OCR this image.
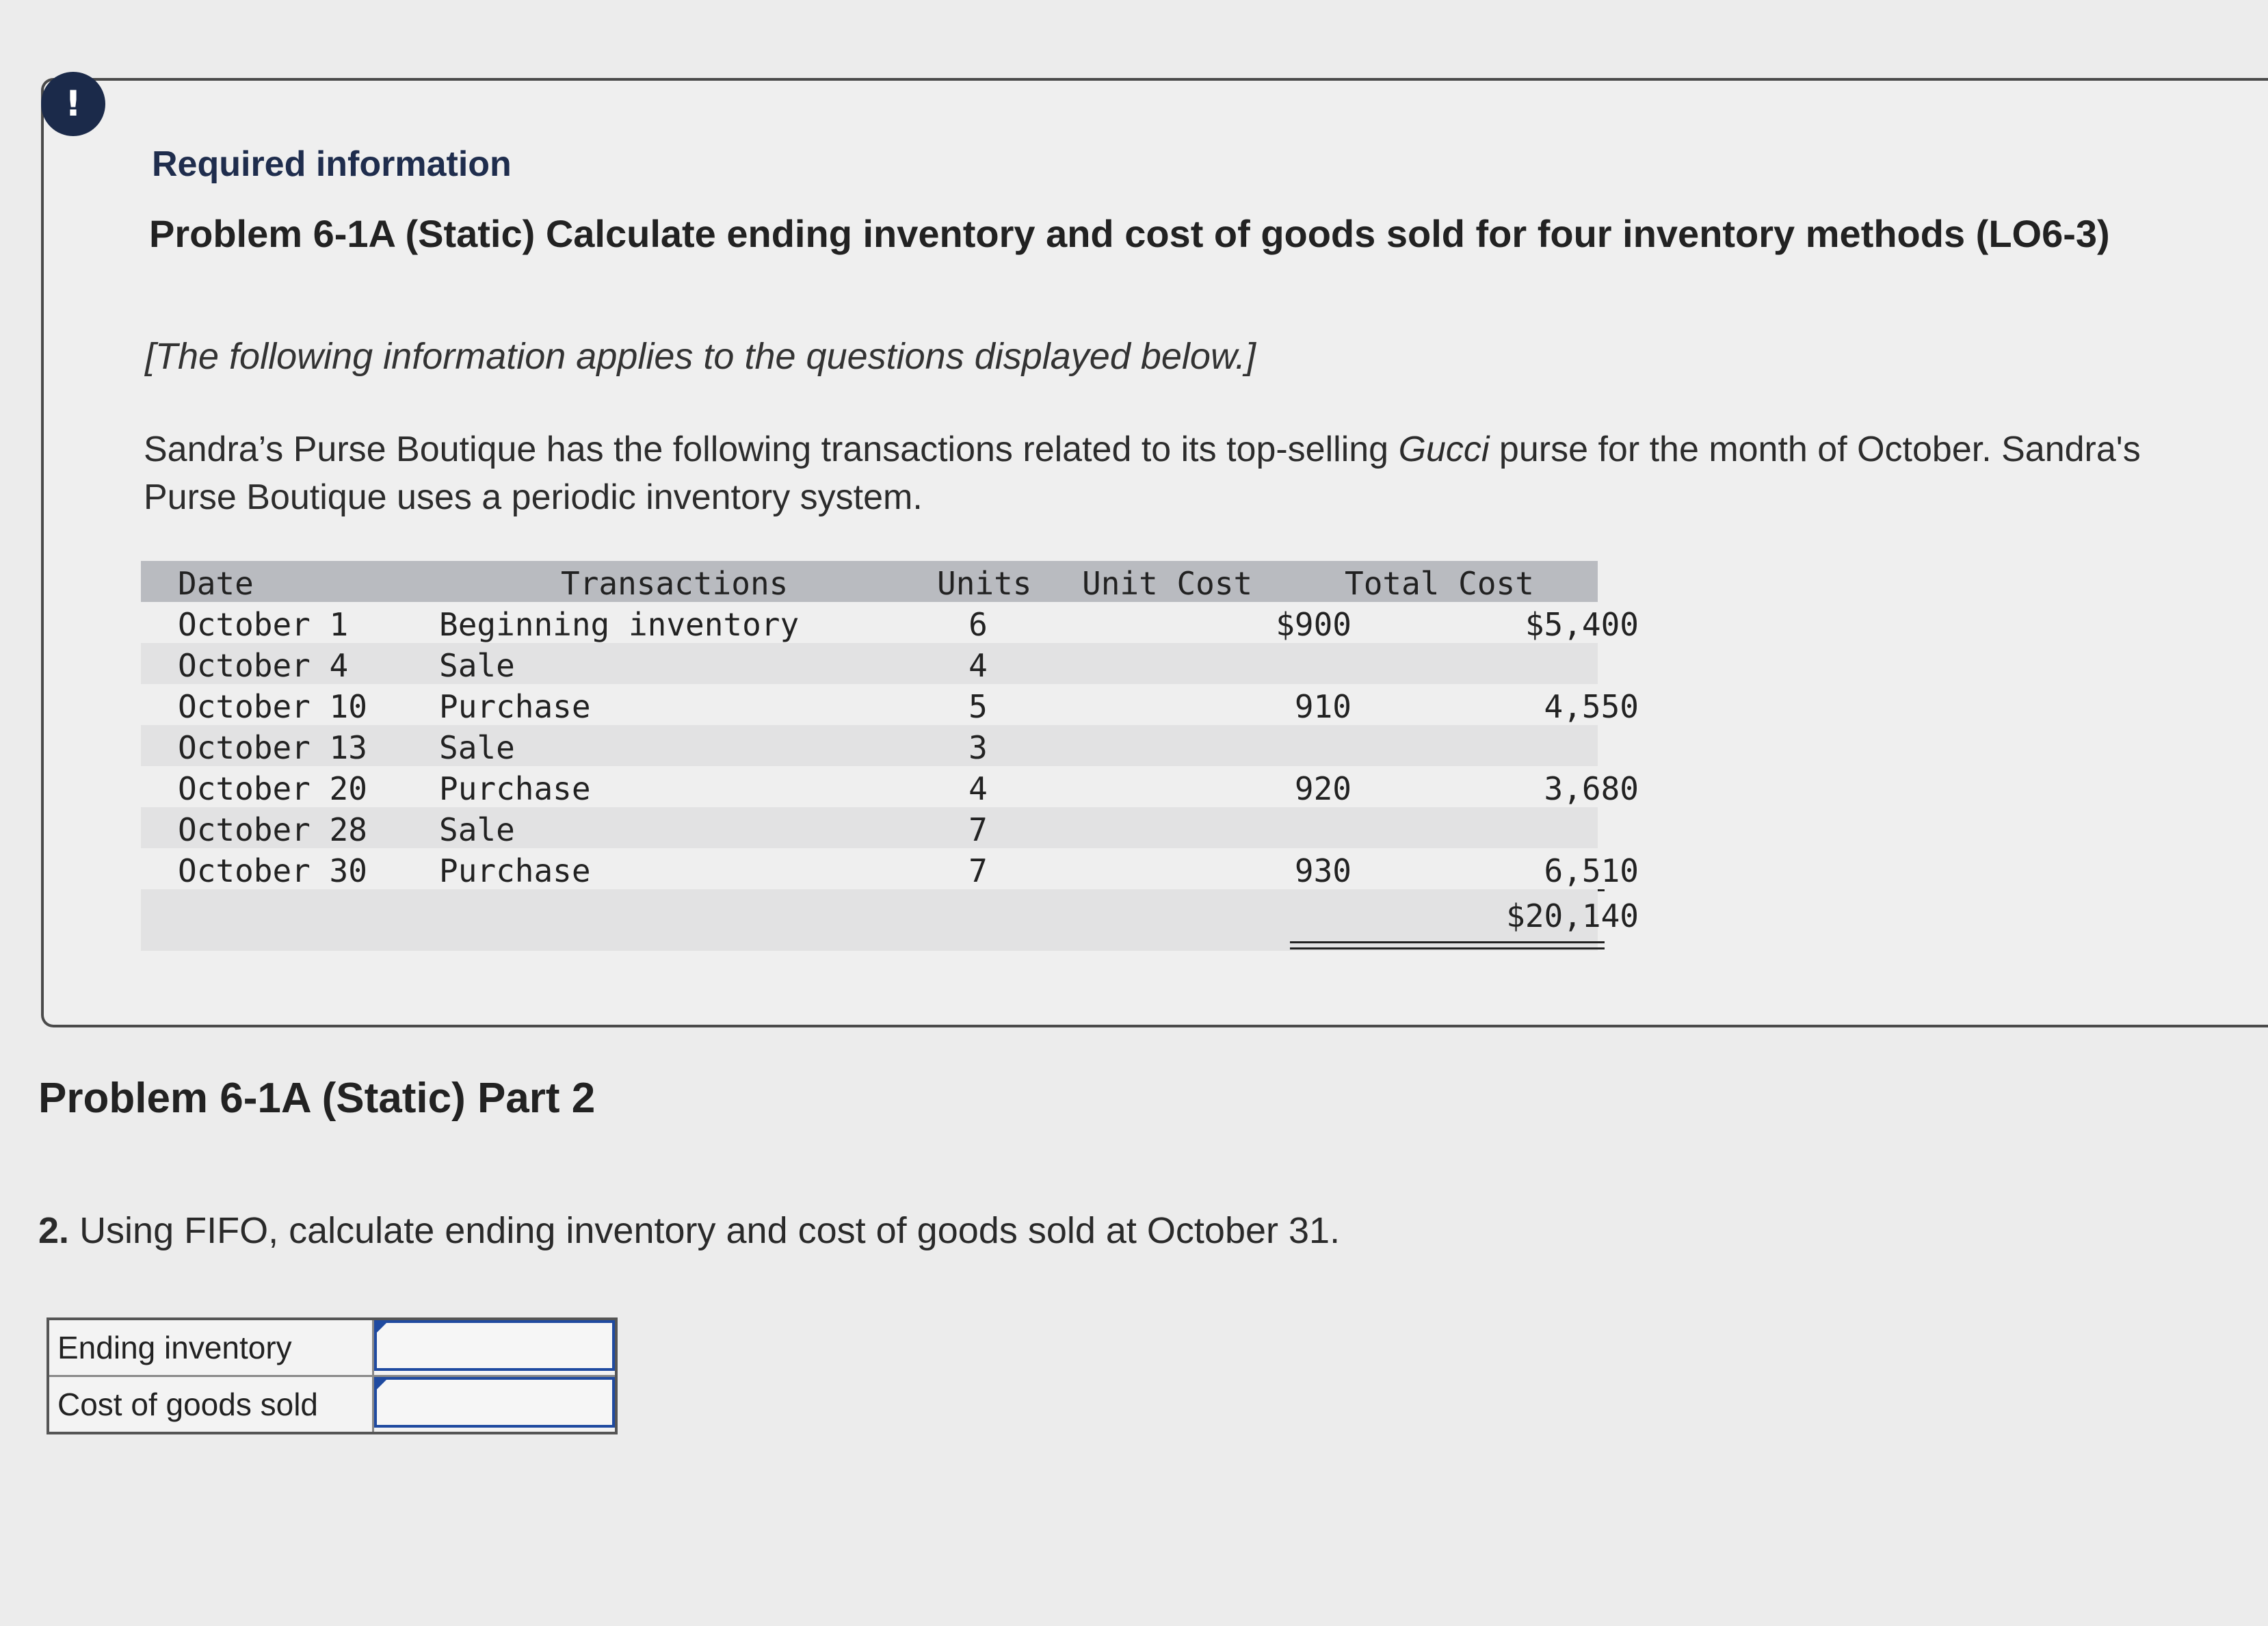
!
Required information
Problem 6-1A (Static) Calculate ending inventory and cost of goods sold for four inventory methods (LO6-3)
[The following information applies to the questions displayed below.]
Sandra’s Purse Boutique has the following transactions related to its top-selling Gucci purse for the month of October. Sandra's Purse Boutique uses a periodic inventory system.
Date	Transactions	Units Unit Cost	Total Cost
October 1	Beginning inventory	6	$900	$5,400
October 4	Sale	4
October 10 Purchase	5	910	4,550
October 13 Sale	3
October 20 Purchase	4	920	3,680
October 28 Sale	7
October 30 Purchase	7	930	6,510
$20,140
Problem 6-1A (Static) Part 2
2. Using FIFO, calculate ending inventory and cost of goods sold at October 31.
Ending inventory
Cost of goods sold
